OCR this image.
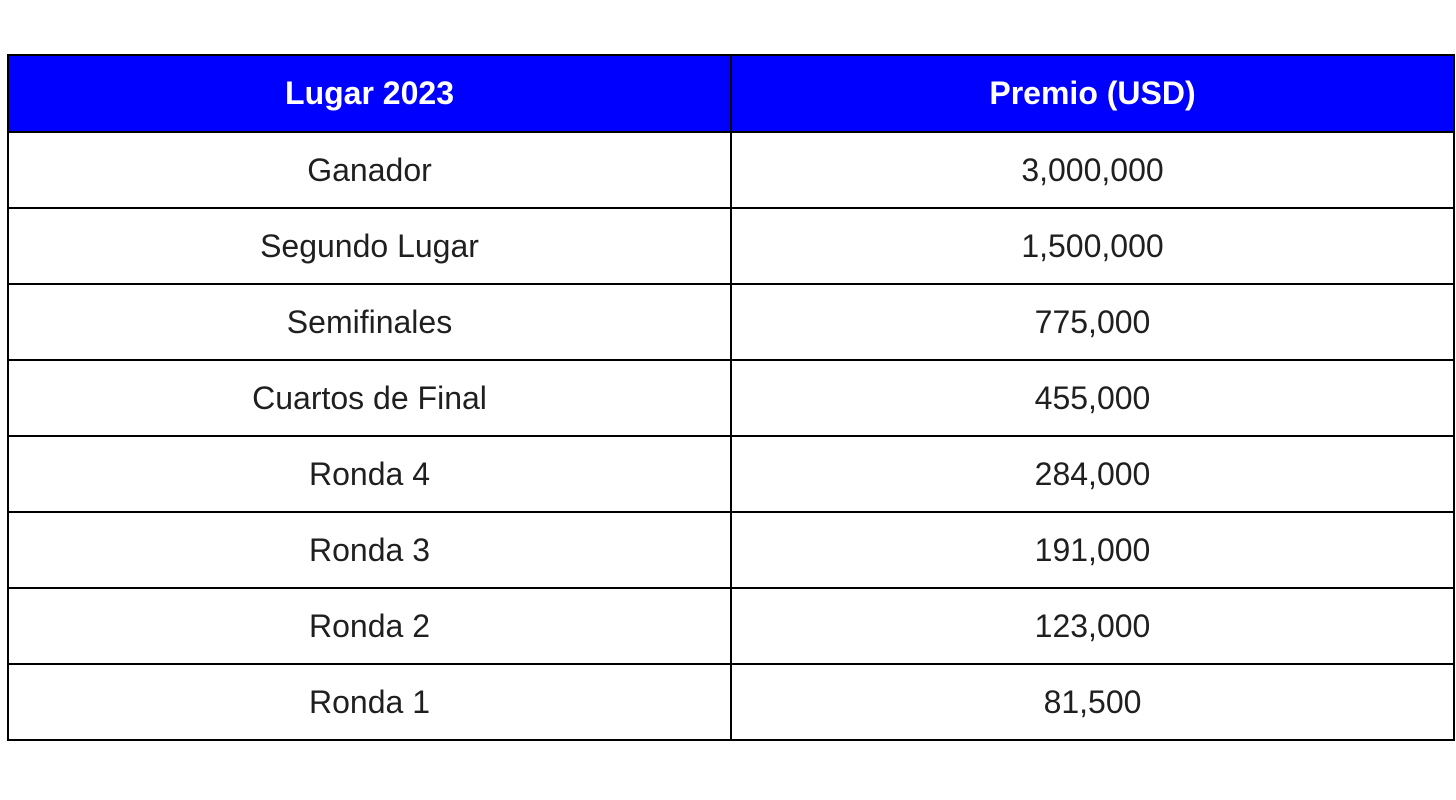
Lugar 2023	Premio (USD)
Ganador	3,000,000
Segundo Lugar	1,500,000
Semifinales	775,000
Cuartos de Final	455,000
Ronda 4	284,000
Ronda 3	191,000
Ronda 2	123,000
Ronda 1	81,500
